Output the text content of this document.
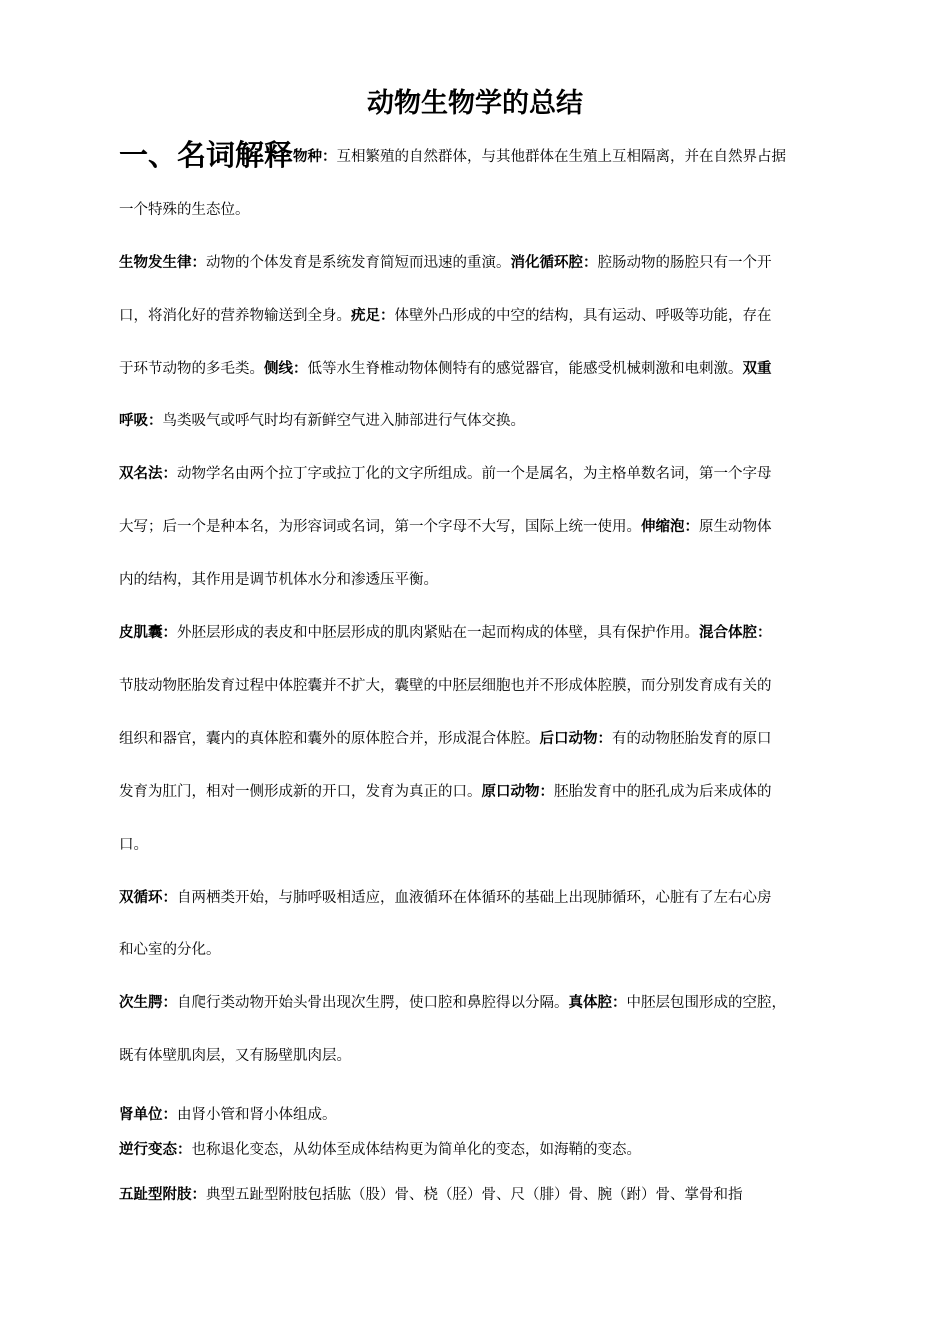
动物生物学的总结
一、名词解释物种：互相繁殖的自然群体，与其他群体在生殖上互相隔离，并在自然界占据
一个特殊的生态位。
生物发生律：动物的个体发育是系统发育简短而迅速的重演。消化循环腔：腔肠动物的肠腔只有一个开
口，将消化好的营养物输送到全身。疣足：体壁外凸形成的中空的结构，具有运动、呼吸等功能，存在
于环节动物的多毛类。侧线：低等水生脊椎动物体侧特有的感觉器官，能感受机械刺激和电刺激。双重
呼吸：鸟类吸气或呼气时均有新鲜空气进入肺部进行气体交换。
双名法：动物学名由两个拉丁字或拉丁化的文字所组成。前一个是属名，为主格单数名词，第一个字母
大写；后一个是种本名，为形容词或名词，第一个字母不大写，国际上统一使用。伸缩泡：原生动物体
内的结构，其作用是调节机体水分和渗透压平衡。
皮肌囊：外胚层形成的表皮和中胚层形成的肌肉紧贴在一起而构成的体壁，具有保护作用。混合体腔：
节肢动物胚胎发育过程中体腔囊并不扩大，囊壁的中胚层细胞也并不形成体腔膜，而分别发育成有关的
组织和器官，囊内的真体腔和囊外的原体腔合并，形成混合体腔。后口动物：有的动物胚胎发育的原口
发育为肛门，相对一侧形成新的开口，发育为真正的口。原口动物：胚胎发育中的胚孔成为后来成体的
口。
双循环：自两栖类开始，与肺呼吸相适应，血液循环在体循环的基础上出现肺循环，心脏有了左右心房
和心室的分化。
次生腭：自爬行类动物开始头骨出现次生腭，使口腔和鼻腔得以分隔。真体腔：中胚层包围形成的空腔，
既有体壁肌肉层，又有肠壁肌肉层。
肾单位：由肾小管和肾小体组成。
逆行变态：也称退化变态，从幼体至成体结构更为简单化的变态，如海鞘的变态。
五趾型附肢：典型五趾型附肢包括肱（股）骨、桡（胫）骨、尺（腓）骨、腕（跗）骨、掌骨和指
